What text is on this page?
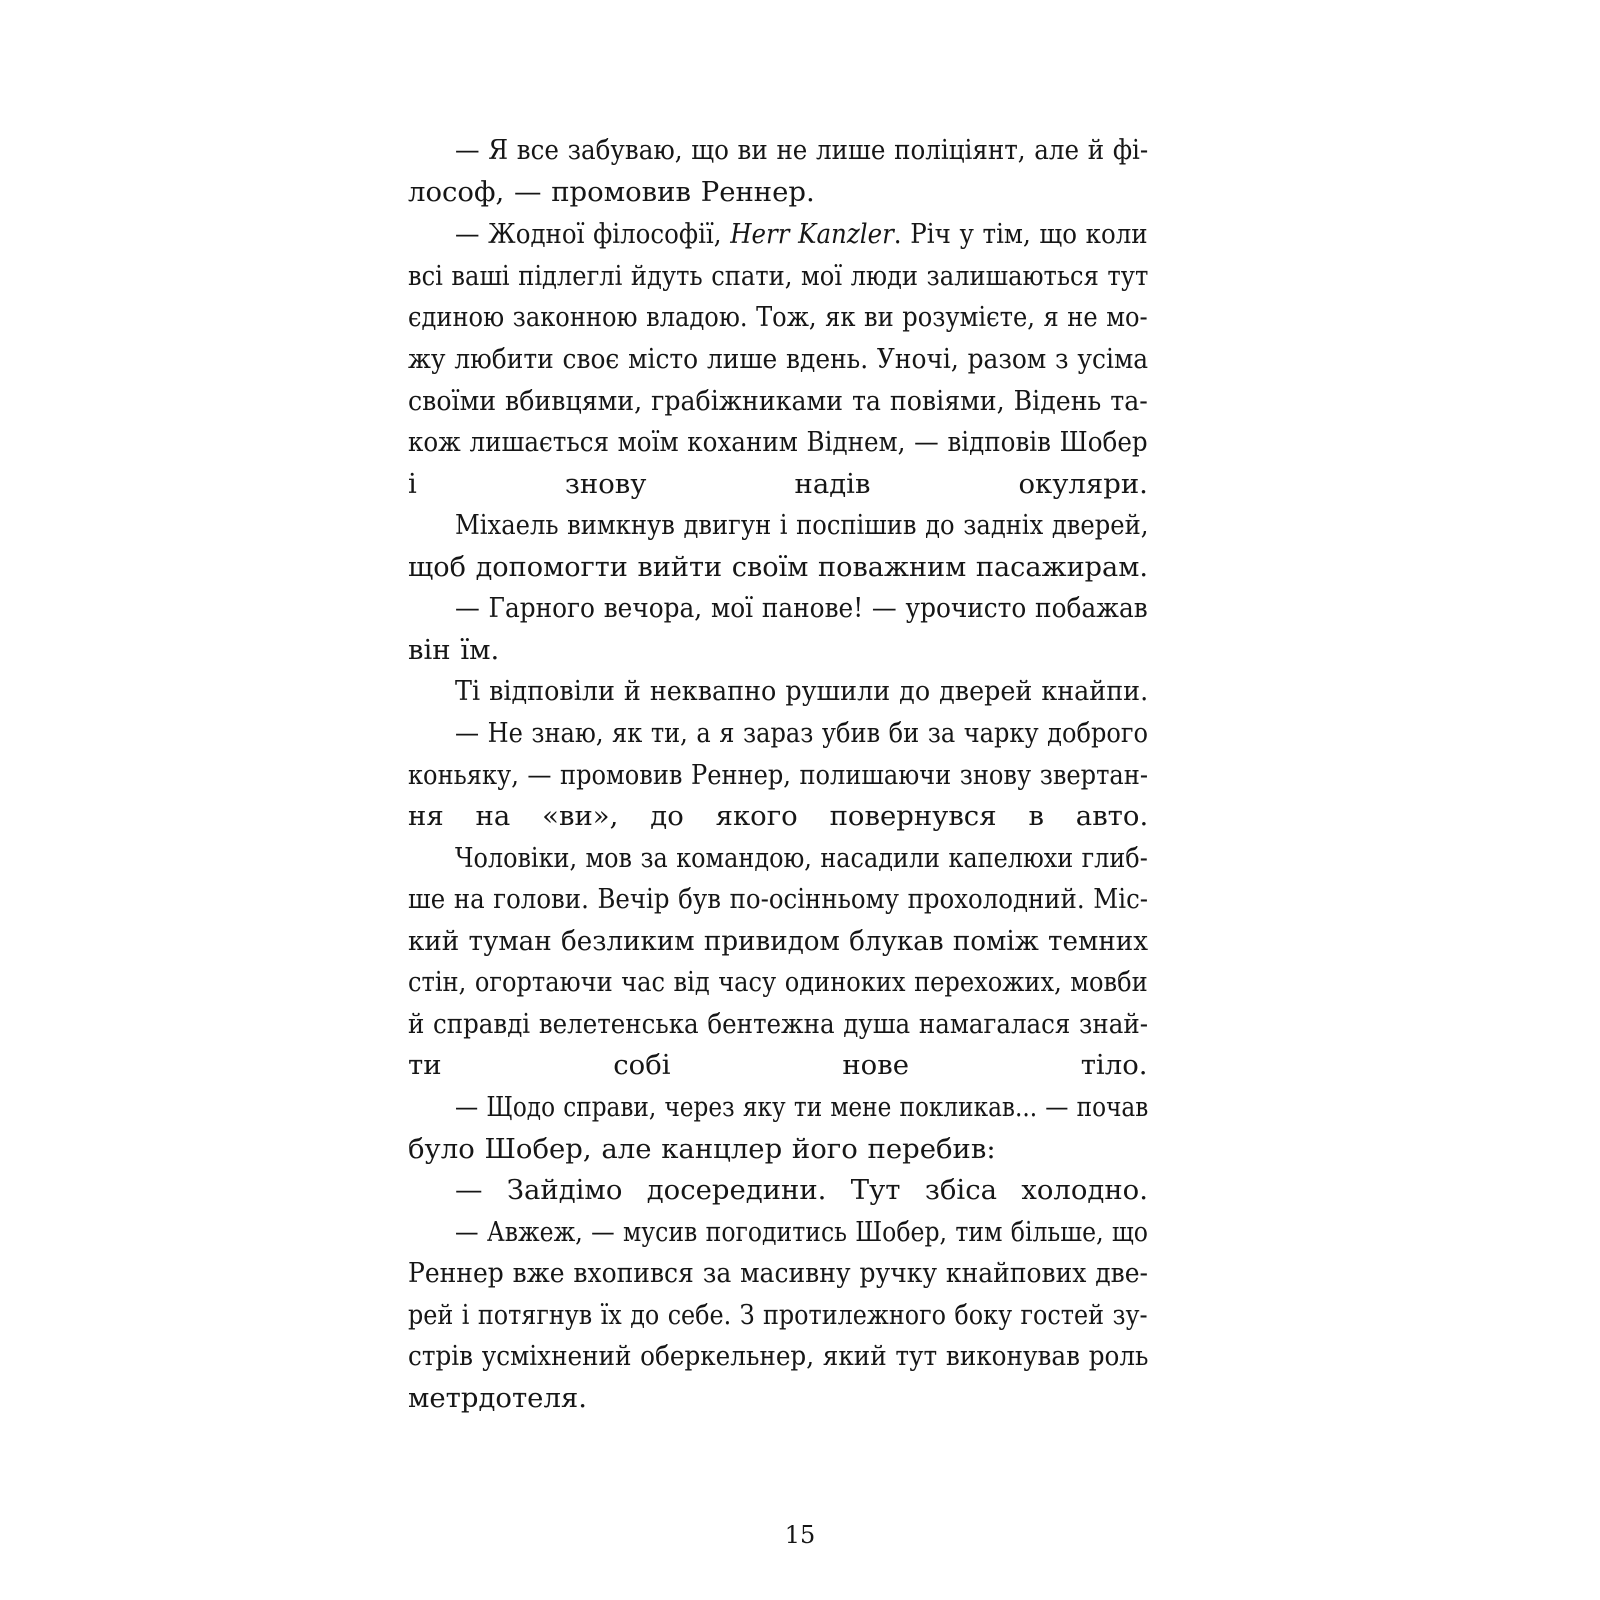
— Я все забуваю, що ви не лише поліціянт, але й фі-
лософ, — промовив Реннер.
— Жодної філософії, Herr Kanzler. Річ у тім, що коли
всі ваші підлеглі йдуть спати, мої люди залишаються тут
єдиною законною владою. Тож, як ви розумієте, я не мо-
жу любити своє місто лише вдень. Уночі, разом з усіма
своїми вбивцями, грабіжниками та повіями, Відень та-
кож лишається моїм коханим Віднем, — відповів Шобер
і знову надів окуляри.
Міхаель вимкнув двигун і поспішив до задніх дверей,
щоб допомогти вийти своїм поважним пасажирам.
— Гарного вечора, мої панове! — урочисто побажав
він їм.
Ті відповіли й неквапно рушили до дверей кнайпи.
— Не знаю, як ти, а я зараз убив би за чарку доброго
коньяку, — промовив Реннер, полишаючи знову звертан-
ня на «ви», до якого повернувся в авто.
Чоловіки, мов за командою, насадили капелюхи глиб-
ше на голови. Вечір був по-осінньому прохолодний. Міс-
кий туман безликим привидом блукав поміж темних
стін, огортаючи час від часу одиноких перехожих, мовби
й справді велетенська бентежна душа намагалася знай-
ти собі нове тіло.
— Щодо справи, через яку ти мене покликав... — почав
було Шобер, але канцлер його перебив:
— Зайдімо досередини. Тут збіса холодно.
— Авжеж, — мусив погодитись Шобер, тим більше, що
Реннер вже вхопився за масивну ручку кнайпових две-
рей і потягнув їх до себе. З протилежного боку гостей зу-
стрів усміхнений оберкельнер, який тут виконував роль
метрдотеля.
15
